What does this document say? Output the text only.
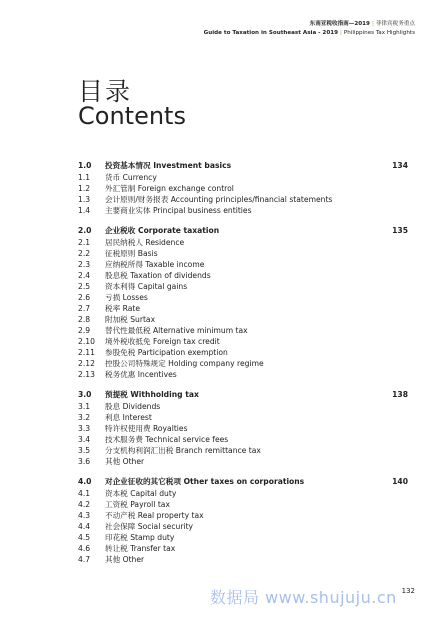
东南亚税收指南—2019 | 菲律宾税务重点
Guide to Taxation in Southeast Asia - 2019 | Philippines Tax Highlights
目录
Contents
1.0	投资基本情况 Investment basics	134
1.1	货币 Currency
1.2	外汇管制 Foreign exchange control
1.3	会计原则/财务报表 Accounting principles/financial statements
1.4	主要商业实体 Principal business entities
2.0	企业税收 Corporate taxation	135
2.1	居民纳税人 Residence
2.2	征税原则 Basis
2.3	应纳税所得 Taxable income
2.4	股息税 Taxation of dividends
2.5	资本利得 Capital gains
2.6	亏损 Losses
2.7	税率 Rate
2.8	附加税 Surtax
2.9	替代性最低税 Alternative minimum tax
2.10	境外税收抵免 Foreign tax credit
2.11	参股免税 Participation exemption
2.12	控股公司特殊规定 Holding company regime
2.13	税务优惠 Incentives
3.0	预提税 Withholding tax	138
3.1	股息 Dividends
3.2	利息 Interest
3.3	特许权使用费 Royalties
3.4	技术服务费 Technical service fees
3.5	分支机构利润汇出税 Branch remittance tax
3.6	其他 Other
4.0	对企业征收的其它税项 Other taxes on corporations	140
4.1	资本税 Capital duty
4.2	工资税 Payroll tax
4.3	不动产税 Real property tax
4.4	社会保障 Social security
4.5	印花税 Stamp duty
4.6	转让税 Transfer tax
4.7	其他 Other
数据局 www.shujuju.cn 132
